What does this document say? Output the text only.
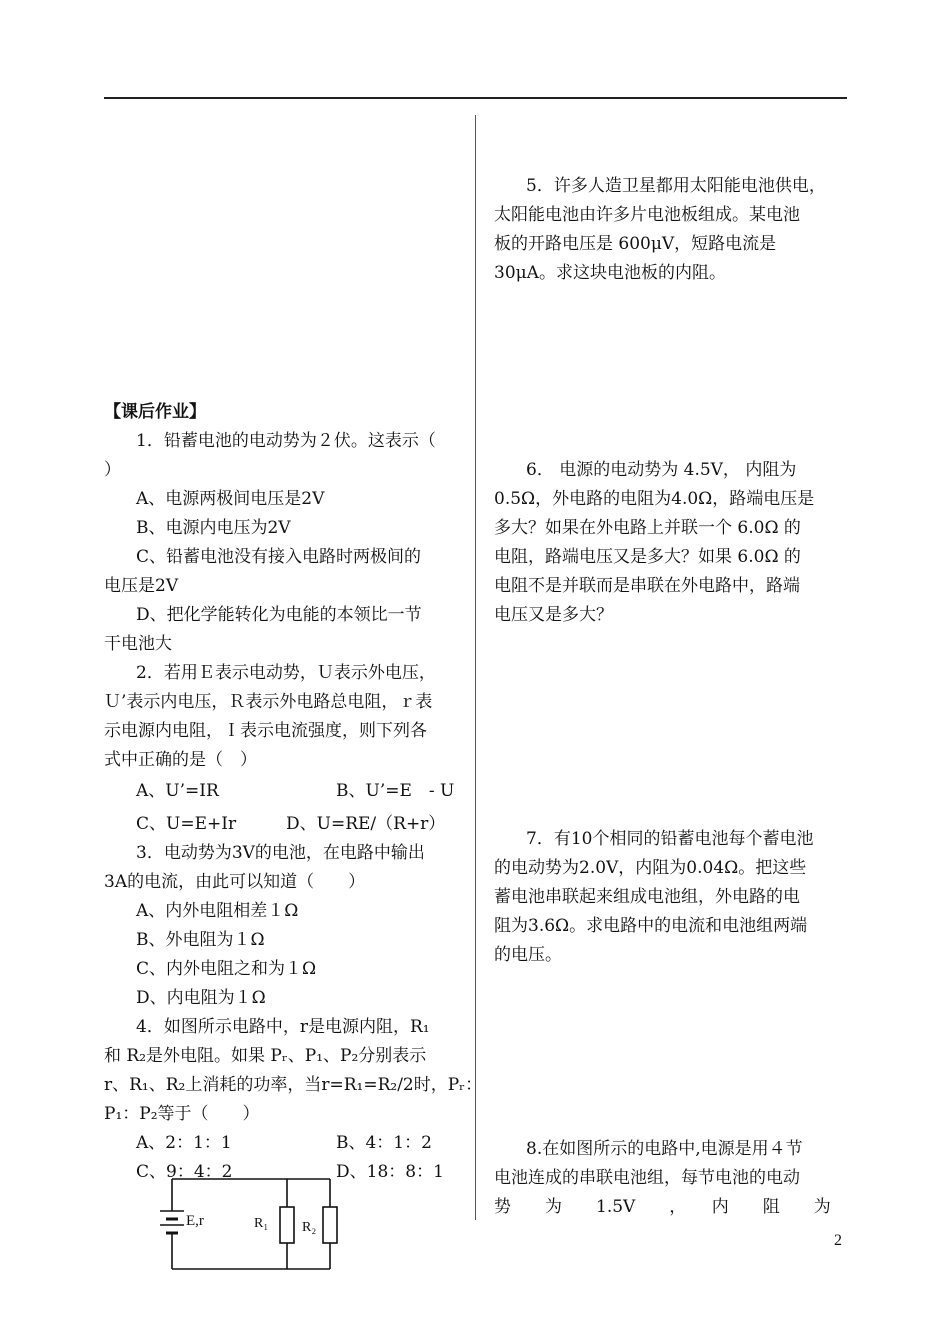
【课后作业】

1．铅蓄电池的电动势为２伏。这表示（

）

A、电源两极间电压是2V

B、电源内电压为2V

C、铅蓄电池没有接入电路时两极间的

电压是2V

D、把化学能转化为电能的本领比一节

干电池大

2．若用Ｅ表示电动势，Ｕ表示外电压，

Ｕ’表示内电压，Ｒ表示外电路总电阻，ｒ表

示电源内电阻，Ｉ表示电流强度，则下列各

式中正确的是（　）

A、U’=IR	B、U’=E　- U
C、U=E+Ir	D、U=RE/（R+r）

3．电动势为3V的电池，在电路中输出

3A的电流，由此可以知道（　　）

A、内外电阻相差１Ω

B、外电阻为１Ω

C、内外电阻之和为１Ω

D、内电阻为１Ω

4．如图所示电路中，r是电源内阻，R₁

和 R₂是外电阻。如果 Pᵣ、P₁、P₂分别表示

r、R₁、R₂上消耗的功率，当r=R₁=R₂/2时，Pᵣ：

P₁：P₂等于（　　）

A、2：1：1	B、4：1：2
C、9：4：2	D、18：8：1
E,r	R₁ R₂

5．许多人造卫星都用太阳能电池供电，

太阳能电池由许多片电池板组成。某电池

板的开路电压是 600μV，短路电流是

30μA。求这块电池板的内阻。

6． 电源的电动势为 4.5V， 内阻为

0.5Ω，外电路的电阻为4.0Ω，路端电压是

多大？如果在外电路上并联一个 6.0Ω 的

电阻，路端电压又是多大？如果 6.0Ω 的

电阻不是并联而是串联在外电路中，路端

电压又是多大？

7．有10个相同的铅蓄电池每个蓄电池

的电动势为2.0V，内阻为0.04Ω。把这些

蓄电池串联起来组成电池组，外电路的电

阻为3.6Ω。求电路中的电流和电池组两端

的电压。

8.在如图所示的电路中,电源是用４节

电池连成的串联电池组，每节电池的电动

势　　为　　1.5V　　，　　内　　阻　　为

2
